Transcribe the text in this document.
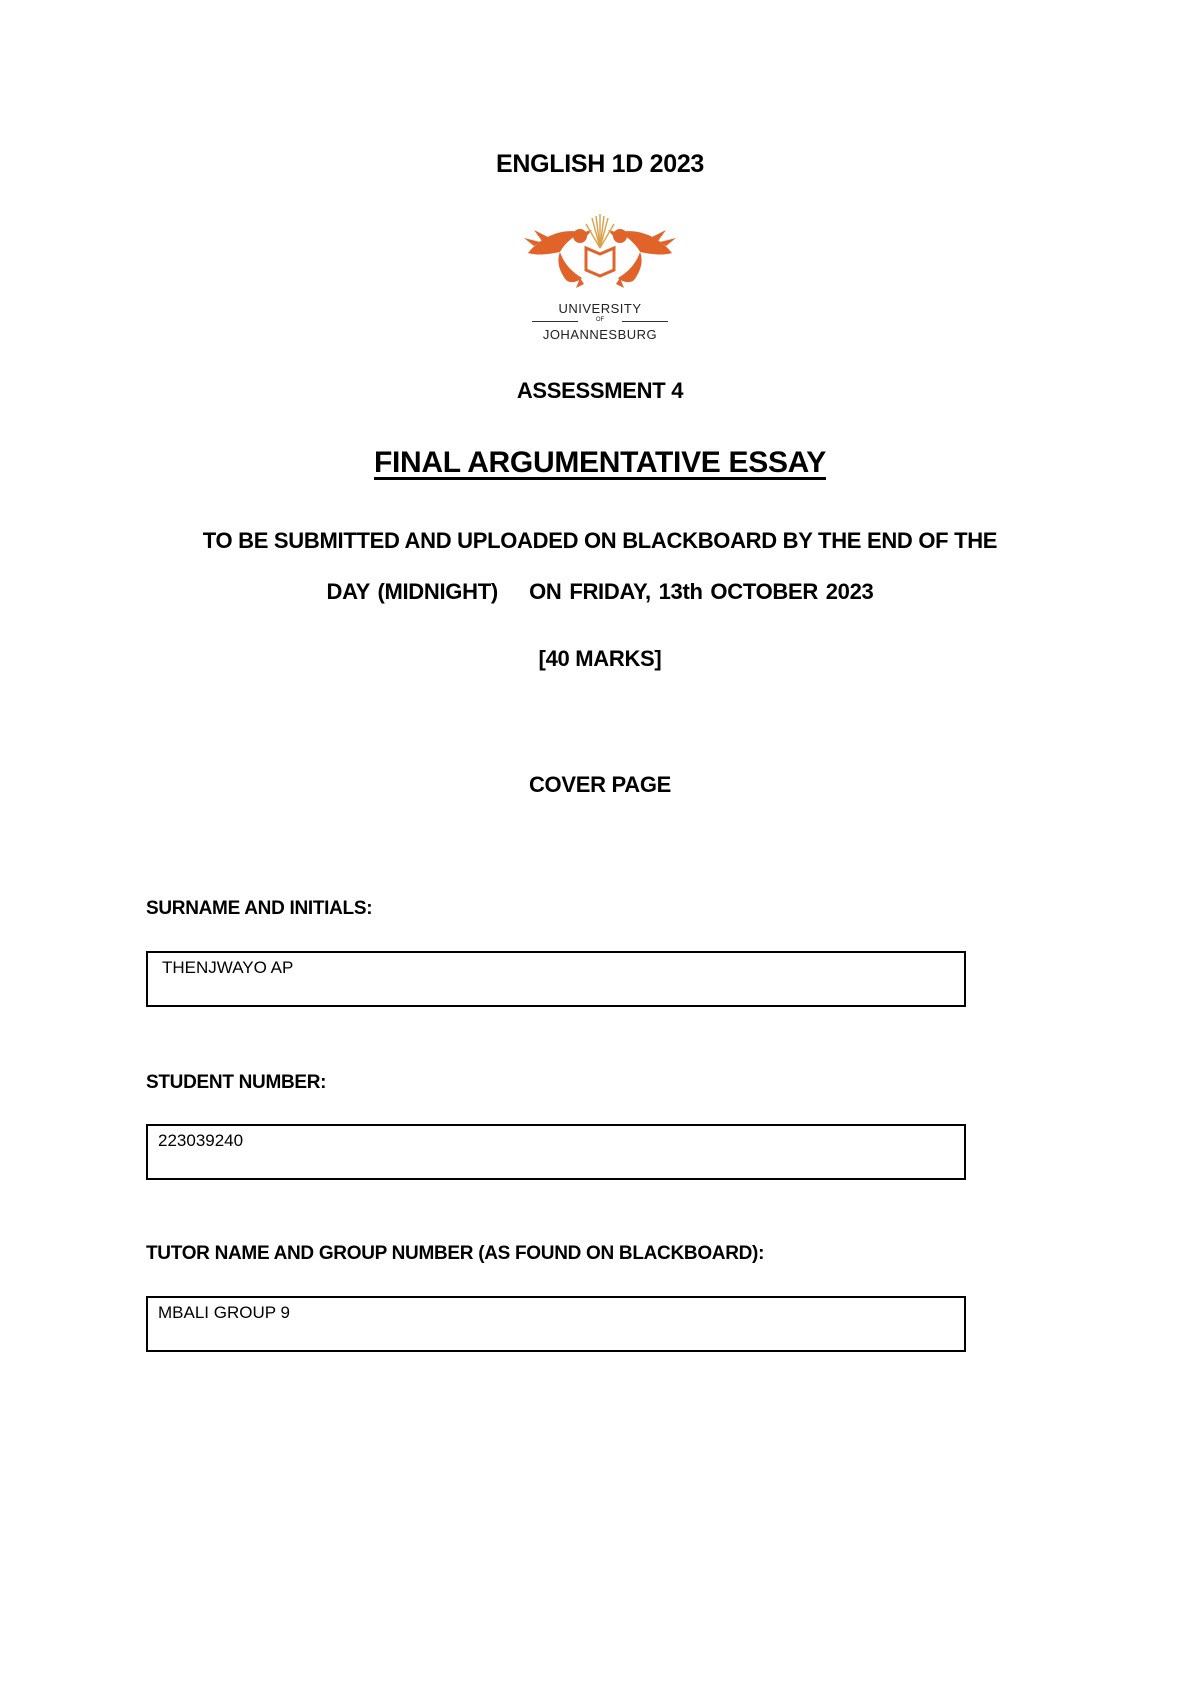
ENGLISH 1D 2023
UNIVERSITY
OF
JOHANNESBURG
ASSESSMENT 4
FINAL ARGUMENTATIVE ESSAY
TO BE SUBMITTED AND UPLOADED ON BLACKBOARD BY THE END OF THE
DAY (MIDNIGHT)    ON FRIDAY, 13th OCTOBER 2023
[40 MARKS]
COVER PAGE
SURNAME AND INITIALS:
THENJWAYO AP
STUDENT NUMBER:
223039240
TUTOR NAME AND GROUP NUMBER (AS FOUND ON BLACKBOARD):
MBALI GROUP 9
